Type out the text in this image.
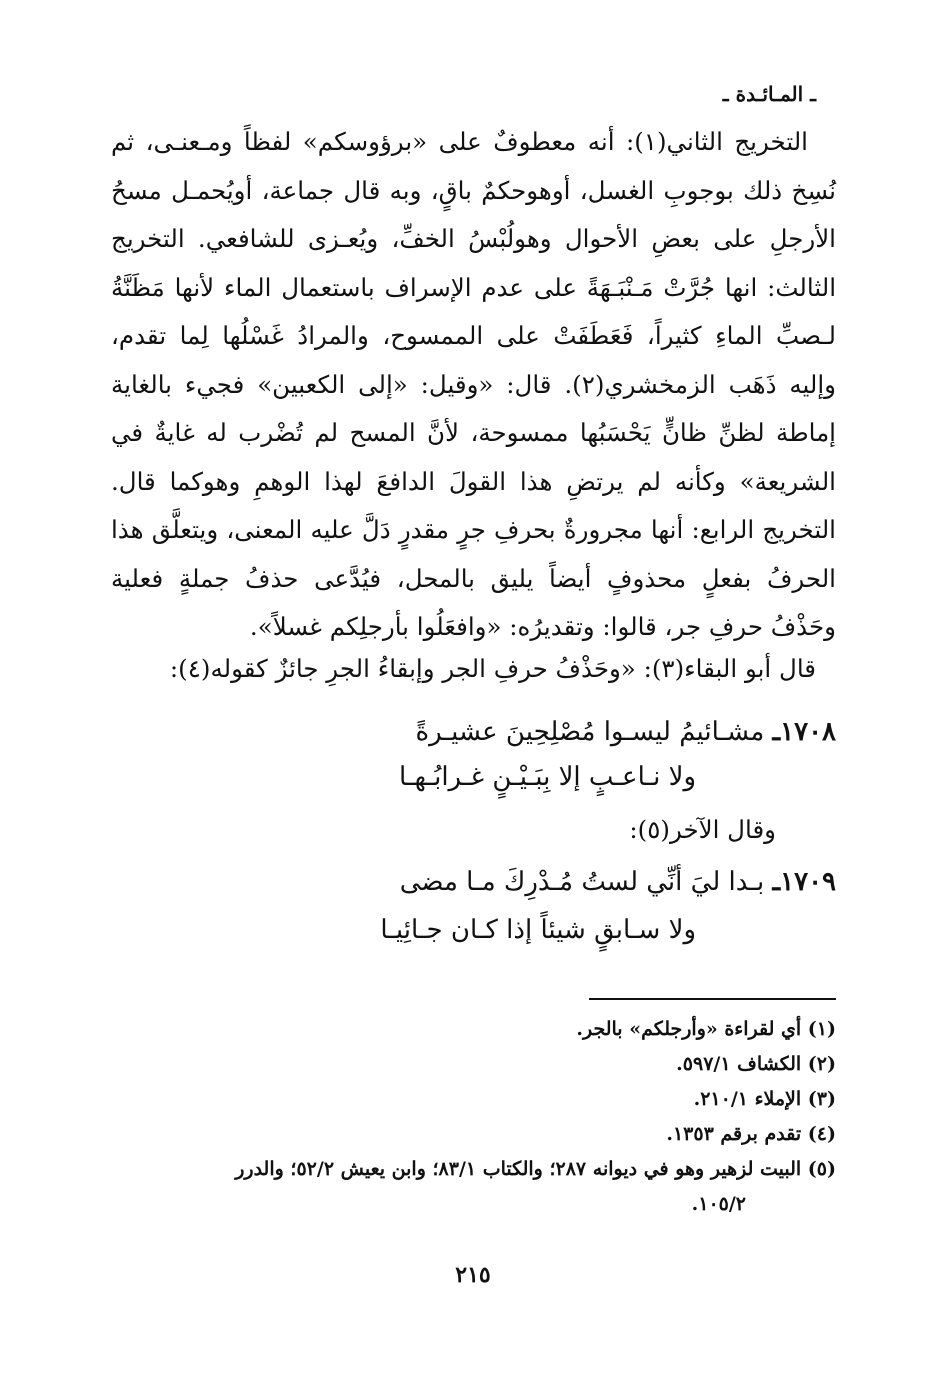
ـ المـائـدة ـ

التخريج الثاني(١): أنه معطوفٌ على «برؤوسكم» لفظاً ومـعنـى، ثم نُسِخ ذلك بوجوبِ الغسل، أوهوحكمٌ باقٍ، وبه قال جماعة، أويُحمـل مسحُ الأرجلِ على بعضِ الأحوال وهولُبْسُ الخفِّ، ويُعـزى للشافعي. التخريج الثالث: انها جُرَّتْ مَـنْبَـهَةً على عدم الإسراف باستعمال الماء لأنها مَظَنَّةُ لـصبِّ الماءِ كثيراً، فَعَطَفَتْ على الممسوح، والمرادُ غَسْلُها لِما تقدم، وإليه ذَهَب الزمخشري(٢). قال: «وقيل: «إلى الكعبين» فجيء بالغاية إماطة لظنِّ ظانٍّ يَحْسَبُها ممسوحة، لأنَّ المسح لم تُضْرب له غايةٌ في الشريعة» وكأنه لم يرتضِ هذا القولَ الدافعَ لهذا الوهمِ وهوكما قال. التخريج الرابع: أنها مجرورةٌ بحرفِ جرٍ مقدرٍ دَلَّ عليه المعنى، ويتعلَّق هذا الحرفُ بفعلٍ محذوفٍ أيضاً يليق بالمحل، فيُدَّعى حذفُ جملةٍ فعلية وحَذْفُ حرفِ جر، قالوا: وتقديرُه: «وافعَلُوا بأرجلِكم غسلاً».

قال أبو البقاء(٣): «وحَذْفُ حرفِ الجر وإبقاءُ الجرِ جائزٌ كقوله(٤):
١٧٠٨ـ مشـائيمُ ليسـوا مُصْلِحِينَ عشيـرةً
ولا نـاعـبٍ إلا بِبَـيْـنٍ غـرابُـهـا
وقال الآخر(٥):
١٧٠٩ـ بـدا ليَ أنِّي لستُ مُـدْرِكَ مـا مضى
ولا سـابقٍ شيئاً إذا كـان جـائِيـا

(١) أي لقراءة «وأرجلكم» بالجر.

(٢) الكشاف ٥٩٧/١.

(٣) الإملاء ٢١٠/١.

(٤) تقدم برقم ١٣٥٣.

(٥) البيت لزهير وهو في ديوانه ٢٨٧؛ والكتاب ٨٣/١؛ وابن يعيش ٥٢/٢؛ والدرر

١٠٥/٢.

٢١٥
